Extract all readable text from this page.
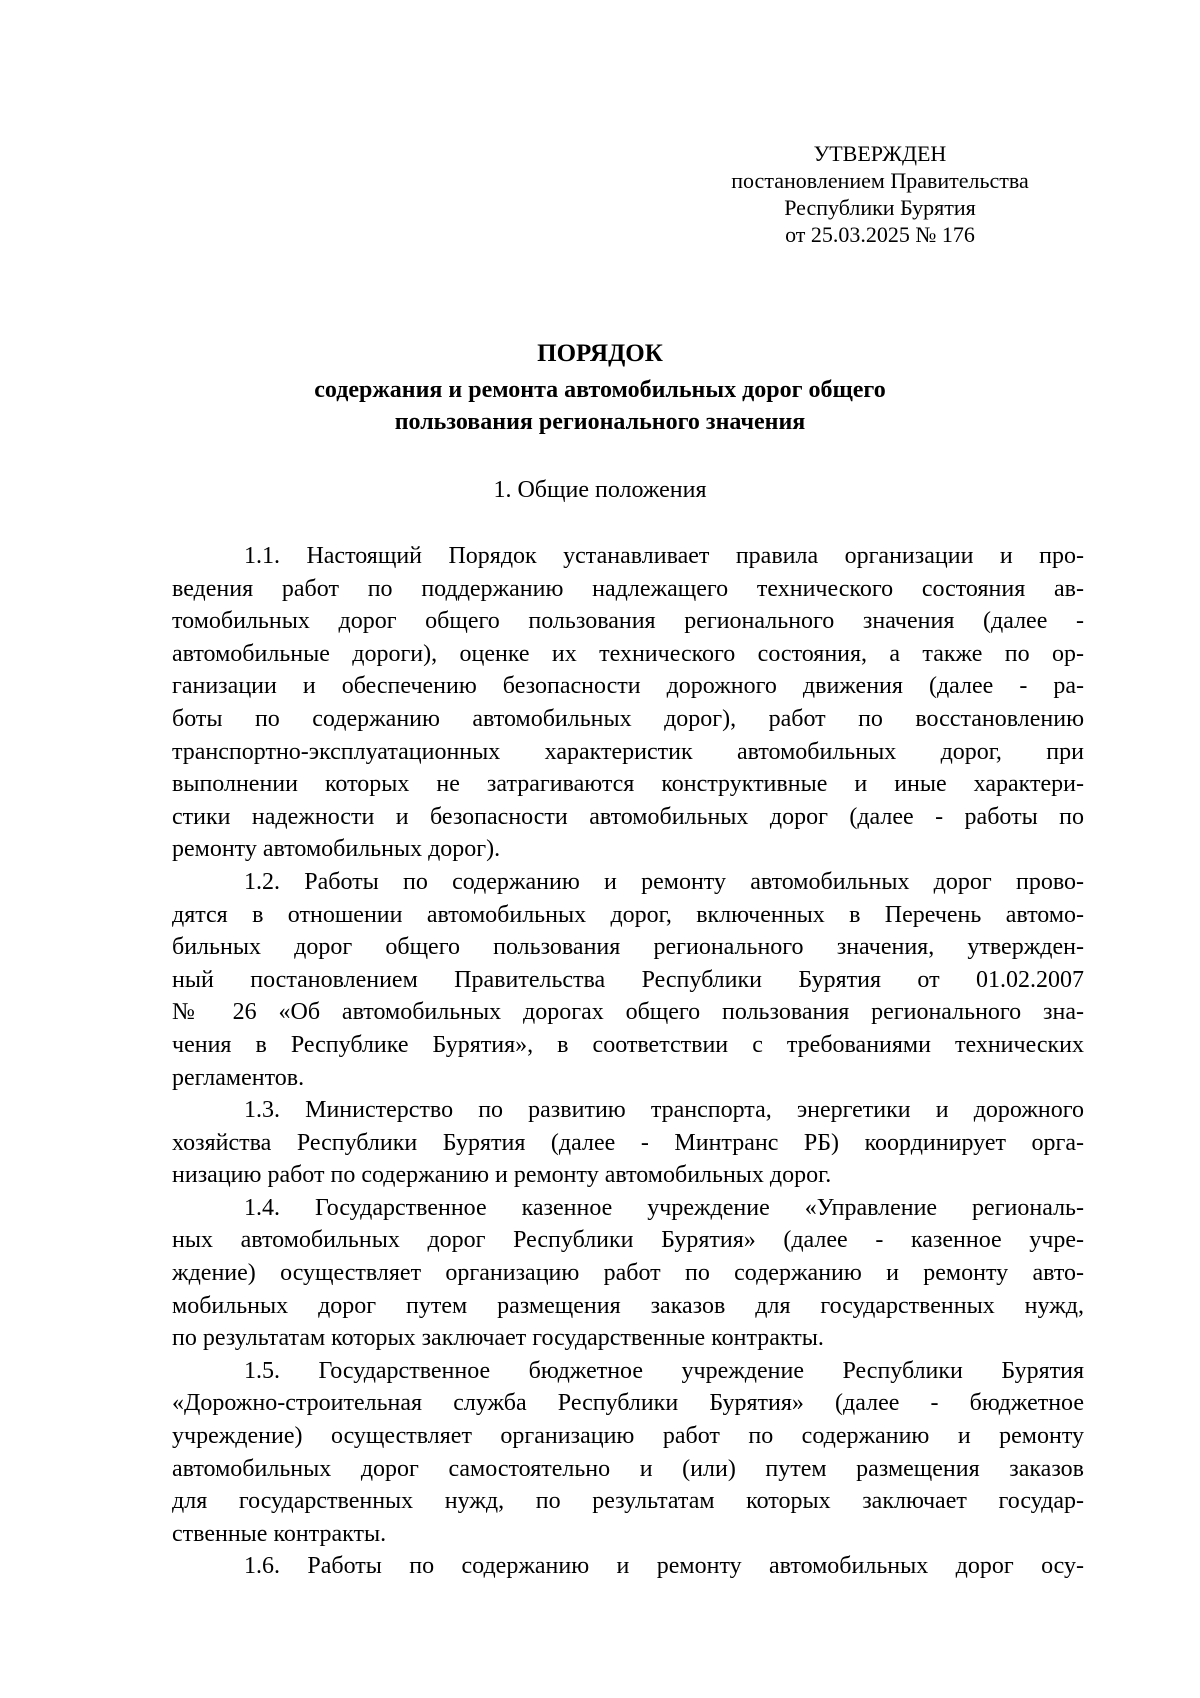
УТВЕРЖДЕН
постановлением Правительства
Республики Бурятия
от 25.03.2025 № 176
ПОРЯДОК
содержания и ремонта автомобильных дорог общего
пользования регионального значения
1. Общие положения
1.1. Настоящий Порядок устанавливает правила организации и про-
ведения работ по поддержанию надлежащего технического состояния ав-
томобильных дорог общего пользования регионального значения (далее -
автомобильные дороги), оценке их технического состояния, а также по ор-
ганизации и обеспечению безопасности дорожного движения (далее - ра-
боты по содержанию автомобильных дорог), работ по восстановлению
транспортно-эксплуатационных характеристик автомобильных дорог, при
выполнении которых не затрагиваются конструктивные и иные характери-
стики надежности и безопасности автомобильных дорог (далее - работы по
ремонту автомобильных дорог).
1.2. Работы по содержанию и ремонту автомобильных дорог прово-
дятся в отношении автомобильных дорог, включенных в Перечень автомо-
бильных дорог общего пользования регионального значения, утвержден-
ный постановлением Правительства Республики Бурятия от 01.02.2007
№ 26 «Об автомобильных дорогах общего пользования регионального зна-
чения в Республике Бурятия», в соответствии с требованиями технических
регламентов.
1.3. Министерство по развитию транспорта, энергетики и дорожного
хозяйства Республики Бурятия (далее - Минтранс РБ) координирует орга-
низацию работ по содержанию и ремонту автомобильных дорог.
1.4. Государственное казенное учреждение «Управление региональ-
ных автомобильных дорог Республики Бурятия» (далее - казенное учре-
ждение) осуществляет организацию работ по содержанию и ремонту авто-
мобильных дорог путем размещения заказов для государственных нужд,
по результатам которых заключает государственные контракты.
1.5. Государственное бюджетное учреждение Республики Бурятия
«Дорожно-строительная служба Республики Бурятия» (далее - бюджетное
учреждение) осуществляет организацию работ по содержанию и ремонту
автомобильных дорог самостоятельно и (или) путем размещения заказов
для государственных нужд, по результатам которых заключает государ-
ственные контракты.
1.6. Работы по содержанию и ремонту автомобильных дорог осу-
